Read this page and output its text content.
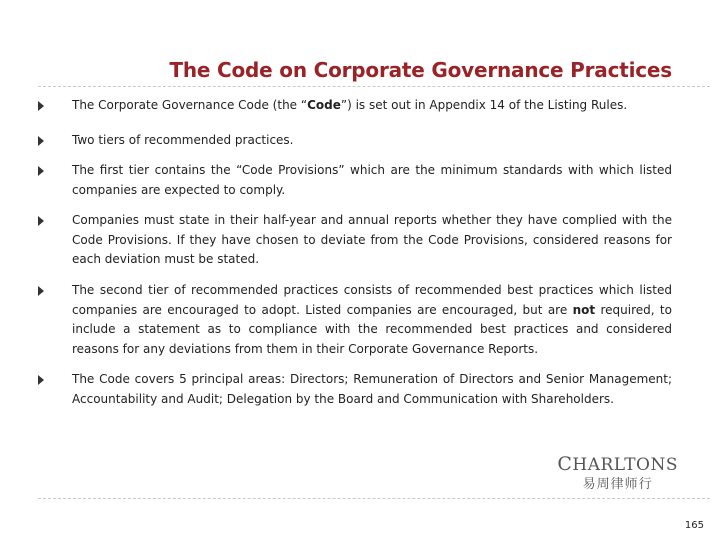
The Code on Corporate Governance Practices
The Corporate Governance Code (the “Code”) is set out in Appendix 14 of the Listing Rules.
Two tiers of recommended practices.
The first tier contains the “Code Provisions” which are the minimum standards with which listed companies are expected to comply.
Companies must state in their half-year and annual reports whether they have complied with the Code Provisions. If they have chosen to deviate from the Code Provisions, considered reasons for each deviation must be stated.
The second tier of recommended practices consists of recommended best practices which listed companies are encouraged to adopt. Listed companies are encouraged, but are not required, to include a statement as to compliance with the recommended best practices and considered reasons for any deviations from them in their Corporate Governance Reports.
The Code covers 5 principal areas: Directors; Remuneration of Directors and Senior Management; Accountability and Audit; Delegation by the Board and Communication with Shareholders.
CHARLTONS
易周律师行
165
